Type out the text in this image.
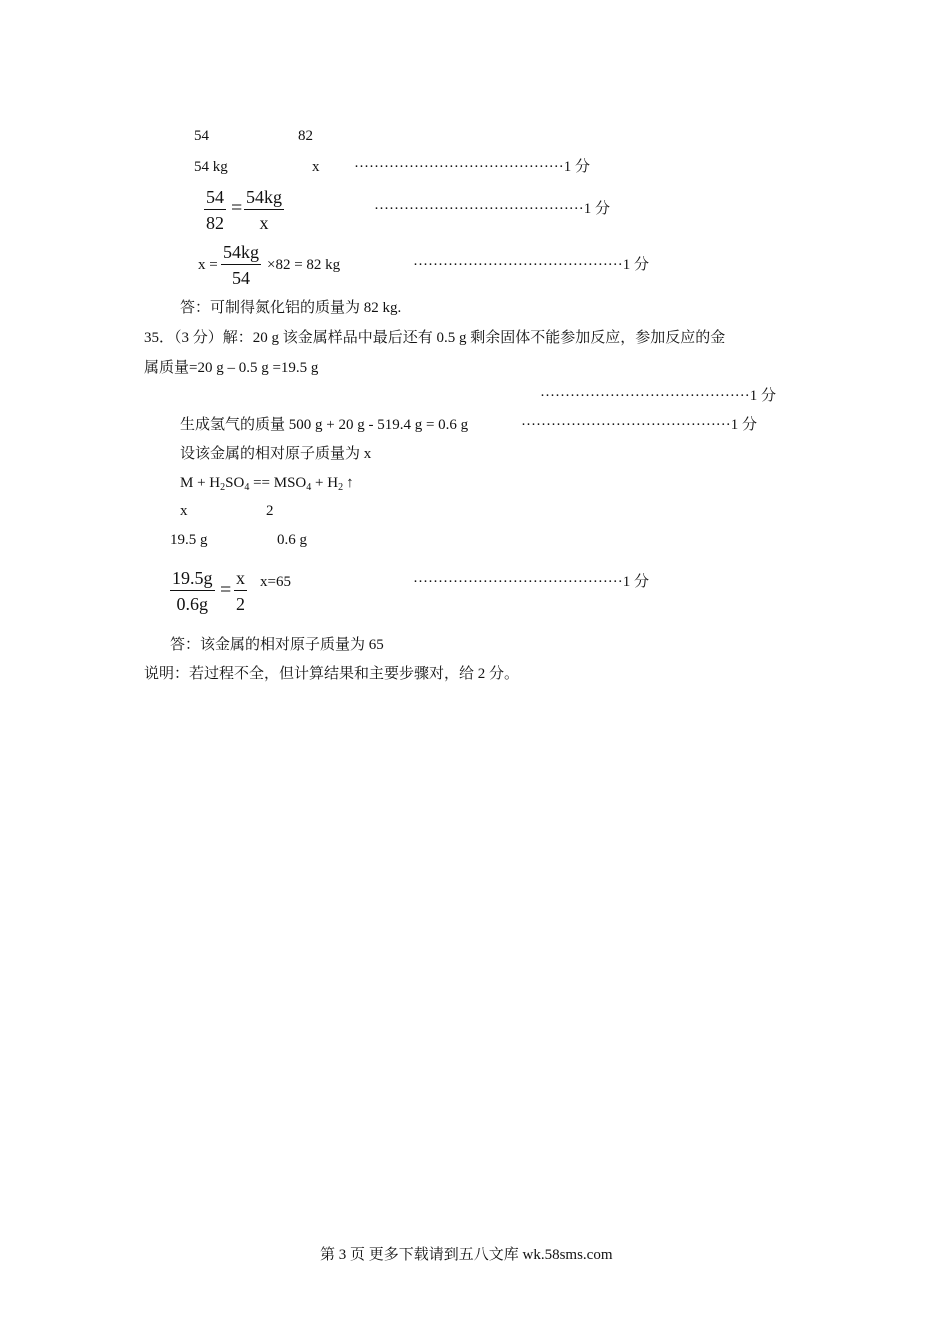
54	82
54 kg	x ··········································1 分
54
82
= 54kg
x
··········································1 分
x =
54kg
54
×82 = 82 kg	··········································1 分
答：可制得氮化铝的质量为 82 kg.
35．（3 分）解：20 g 该金属样品中最后还有 0.5 g 剩余固体不能参加反应，参加反应的金
属质量=20 g – 0.5 g =19.5 g
··········································1 分
生成氢气的质量 500 g + 20 g - 519.4 g = 0.6 g	··········································1 分
设该金属的相对原子质量为 x
$M + H_2SO_4 == MSO_4 + H_2$ ↑
x	2
19.5 g	0.6 g
19.5g
0.6g
=
x
2
x=65	··········································1 分
答：该金属的相对原子质量为 65
说明：若过程不全，但计算结果和主要步骤对，给 2 分。
第 3 页 更多下载请到五八文库 wk.58sms.com
